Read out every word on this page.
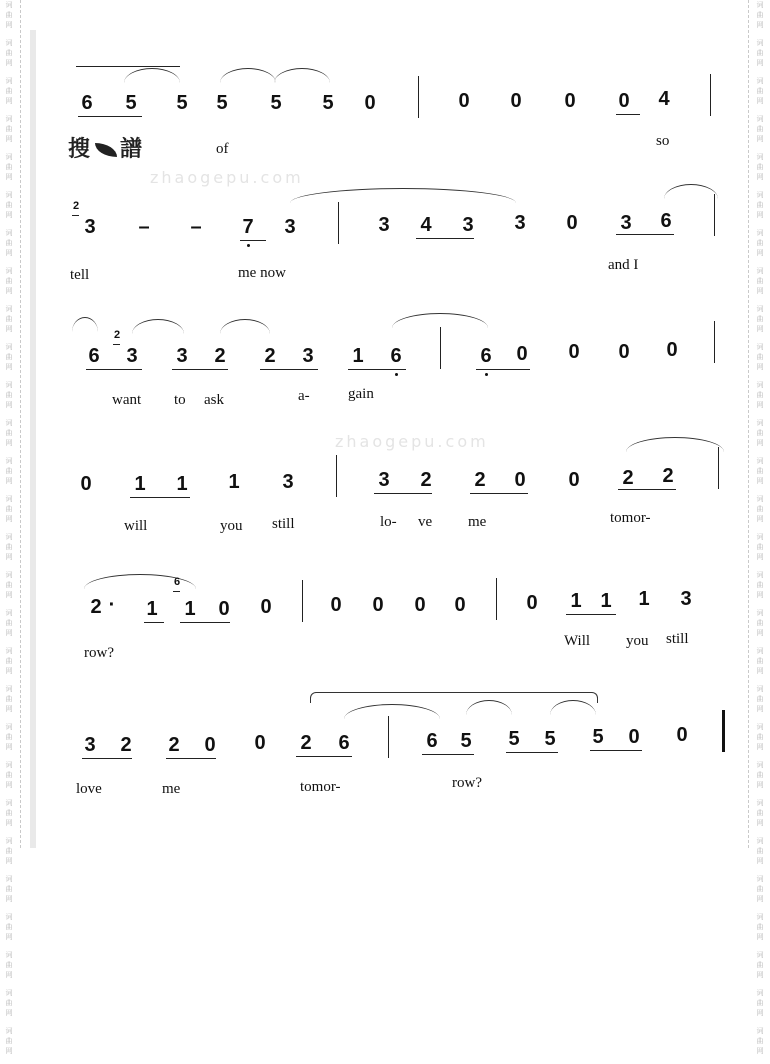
词
曲
网
词
曲
网
词
曲
网
词
曲
网
词
曲
网
词
曲
网
词
曲
网
词
曲
网
词
曲
网
词
曲
网
词
曲
网
词
曲
网
词
曲
网
词
曲
网
词
曲
网
词
曲
网
词
曲
网
词
曲
网
词
曲
网
词
曲
网
词
曲
网
词
曲
网
词
曲
网
词
曲
网
词
曲
网
词
曲
网
词
曲
网
词
曲
网
词
曲
网
词
曲
网
词
曲
网
词
曲
网
词
曲
网
词
曲
网
词
曲
网
词
曲
网
词
曲
网
词
曲
网
词
曲
网
词
曲
网
词
曲
网
词
曲
网
词
曲
网
词
曲
网
词
曲
网
词
曲
网
词
曲
网
词
曲
网
词
曲
网
词
曲
网
词
曲
网
词
曲
网
词
曲
网
词
曲
网
词
曲
网
词
曲
网
搜 譜
zhaogepu.com
zhaogepu.com
6 5 5 5 5 5 0	0 0 0 0 4
of	so
2
3 – – 7 3	3 4 3 3 0 3 6
tell	me now	and I
6
2
3 3 2 2 3 1 6	6 0 0 0 0
want to ask	a-	gain
0 1 1 1 3	3 2 2 0 0 2 2
will	you still	lo- ve me	tomor-
2 · 1
6
1 0 0	0 0 0 0	0 1 1 1 3
row?
Will you still
3 2 2 0 0 2 6	6 5 5 5 5 0 0
love	me	tomor-	row?
